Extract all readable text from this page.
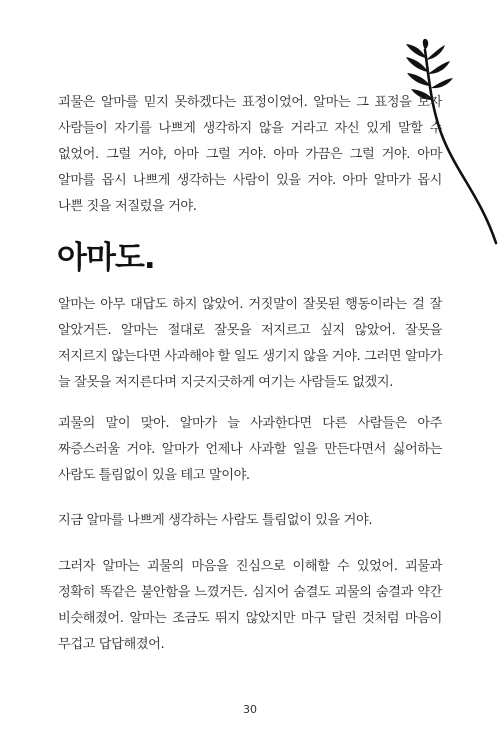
괴물은 알마를 믿지 못하겠다는 표정이었어. 알마는 그 표정을 보자 사람들이 자기를 나쁘게 생각하지 않을 거라고 자신 있게 말할 수 없었어. 그럴 거야, 아마 그럴 거야. 아마 가끔은 그럴 거야. 아마 알마를 몹시 나쁘게 생각하는 사람이 있을 거야. 아마 알마가 몹시 나쁜 짓을 저질렀을 거야.

아마도.

알마는 아무 대답도 하지 않았어. 거짓말이 잘못된 행동이라는 걸 잘 알았거든. 알마는 절대로 잘못을 저지르고 싶지 않았어. 잘못을 저지르지 않는다면 사과해야 할 일도 생기지 않을 거야. 그러면 알마가 늘 잘못을 저지른다며 지긋지긋하게 여기는 사람들도 없겠지.

괴물의 말이 맞아. 알마가 늘 사과한다면 다른 사람들은 아주 짜증스러울 거야. 알마가 언제나 사과할 일을 만든다면서 싫어하는 사람도 틀림없이 있을 테고 말이야.

지금 알마를 나쁘게 생각하는 사람도 틀림없이 있을 거야.

그러자 알마는 괴물의 마음을 진심으로 이해할 수 있었어. 괴물과 정확히 똑같은 불안함을 느꼈거든. 심지어 숨결도 괴물의 숨결과 약간 비슷해졌어. 알마는 조금도 뛰지 않았지만 마구 달린 것처럼 마음이 무겁고 답답해졌어.

30
